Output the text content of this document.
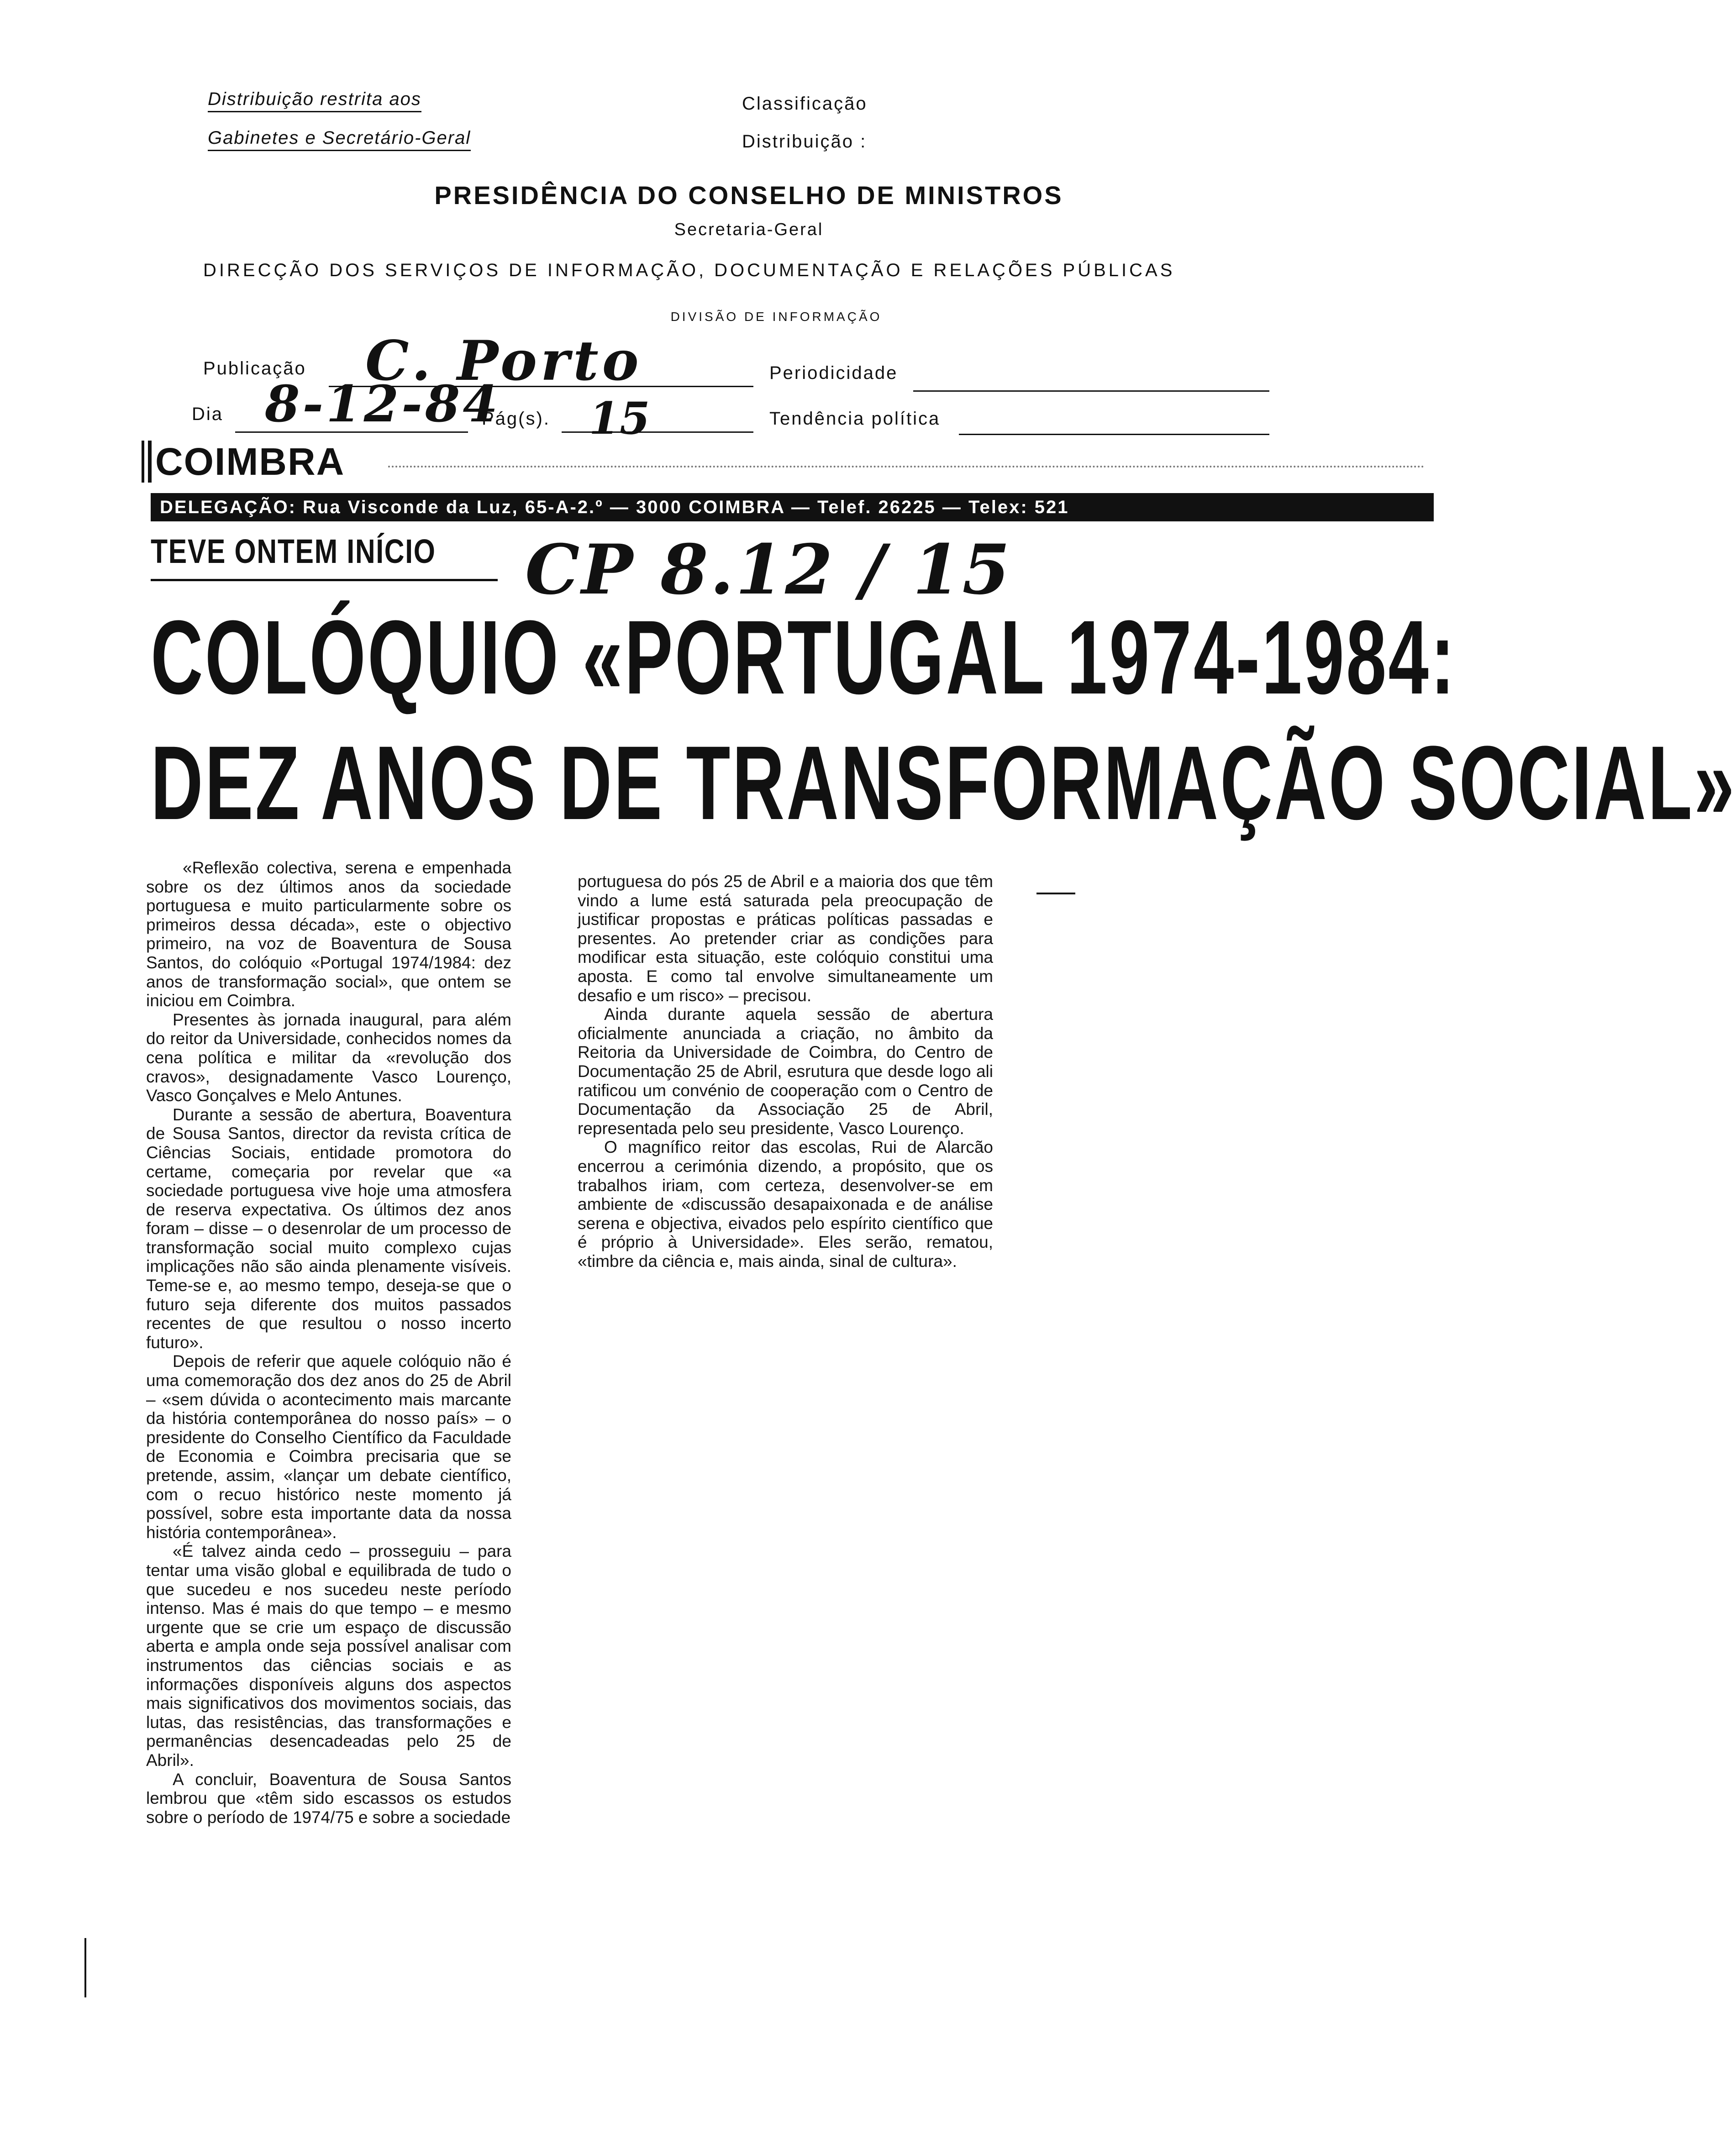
Distribuição restrita aos
Gabinetes e Secretário-Geral
Classificação
Distribuição :
PRESIDÊNCIA DO CONSELHO DE MINISTROS
Secretaria-Geral
DIRECÇÃO DOS SERVIÇOS DE INFORMAÇÃO, DOCUMENTAÇÃO E RELAÇÕES PÚBLICAS
DIVISÃO DE INFORMAÇÃO
Publicação C. Porto	Periodicidade
Dia 8-12-84
Pág(s). 15	Tendência política
COIMBRA
DELEGAÇÃO: Rua Visconde da Luz, 65-A-2.º — 3000 COIMBRA — Telef. 26225 — Telex: 521
TEVE ONTEM INÍCIO CP 8.12 / 15
COLÓQUIO «PORTUGAL 1974-1984:
DEZ ANOS DE TRANSFORMAÇÃO SOCIAL»

«Reflexão colectiva, serena e empenhada sobre os dez últimos anos da sociedade portuguesa e muito particularmente sobre os primeiros dessa década», este o objectivo primeiro, na voz de Boaventura de Sousa Santos, do colóquio «Portugal 1974/1984: dez anos de transformação social», que ontem se iniciou em Coimbra.

Presentes às jornada inaugural, para além do reitor da Universidade, conhecidos nomes da cena política e militar da «revolução dos cravos», designadamente Vasco Lourenço, Vasco Gonçalves e Melo Antunes.

Durante a sessão de abertura, Boaventura de Sousa Santos, director da revista crítica de Ciências Sociais, entidade promotora do certame, começaria por revelar que «a sociedade portuguesa vive hoje uma atmosfera de reserva expectativa. Os últimos dez anos foram – disse – o desenrolar de um processo de transformação social muito complexo cujas implicações não são ainda plenamente visíveis. Teme-se e, ao mesmo tempo, deseja-se que o futuro seja diferente dos muitos passados recentes de que resultou o nosso incerto futuro».

Depois de referir que aquele colóquio não é uma comemoração dos dez anos do 25 de Abril – «sem dúvida o acontecimento mais marcante da história contemporânea do nosso país» – o presidente do Conselho Científico da Faculdade de Economia e Coimbra precisaria que se pretende, assim, «lançar um debate científico, com o recuo histórico neste momento já possível, sobre esta importante data da nossa história contemporânea».

«É talvez ainda cedo – prosseguiu – para tentar uma visão global e equilibrada de tudo o que sucedeu e nos sucedeu neste período intenso. Mas é mais do que tempo – e mesmo urgente que se crie um espaço de discussão aberta e ampla onde seja possível analisar com instrumentos das ciências sociais e as informações disponíveis alguns dos aspectos mais significativos dos movimentos sociais, das lutas, das resistências, das transformações e permanências desencadeadas pelo 25 de Abril».

A concluir, Boaventura de Sousa Santos lembrou que «têm sido escassos os estudos sobre o período de 1974/75 e sobre a sociedade

portuguesa do pós 25 de Abril e a maioria dos que têm vindo a lume está saturada pela preocupação de justificar propostas e práticas políticas passadas e presentes. Ao pretender criar as condições para modificar esta situação, este colóquio constitui uma aposta. E como tal envolve simultaneamente um desafio e um risco» – precisou.

Ainda durante aquela sessão de abertura oficialmente anunciada a criação, no âmbito da Reitoria da Universidade de Coimbra, do Centro de Documentação 25 de Abril, esrutura que desde logo ali ratificou um convénio de cooperação com o Centro de Documentação da Associação 25 de Abril, representada pelo seu presidente, Vasco Lourenço.

O magnífico reitor das escolas, Rui de Alarcão encerrou a cerimónia dizendo, a propósito, que os trabalhos iriam, com certeza, desenvolver-se em ambiente de «discussão desapaixonada e de análise serena e objectiva, eivados pelo espírito científico que é próprio à Universidade». Eles serão, rematou, «timbre da ciência e, mais ainda, sinal de cultura».
